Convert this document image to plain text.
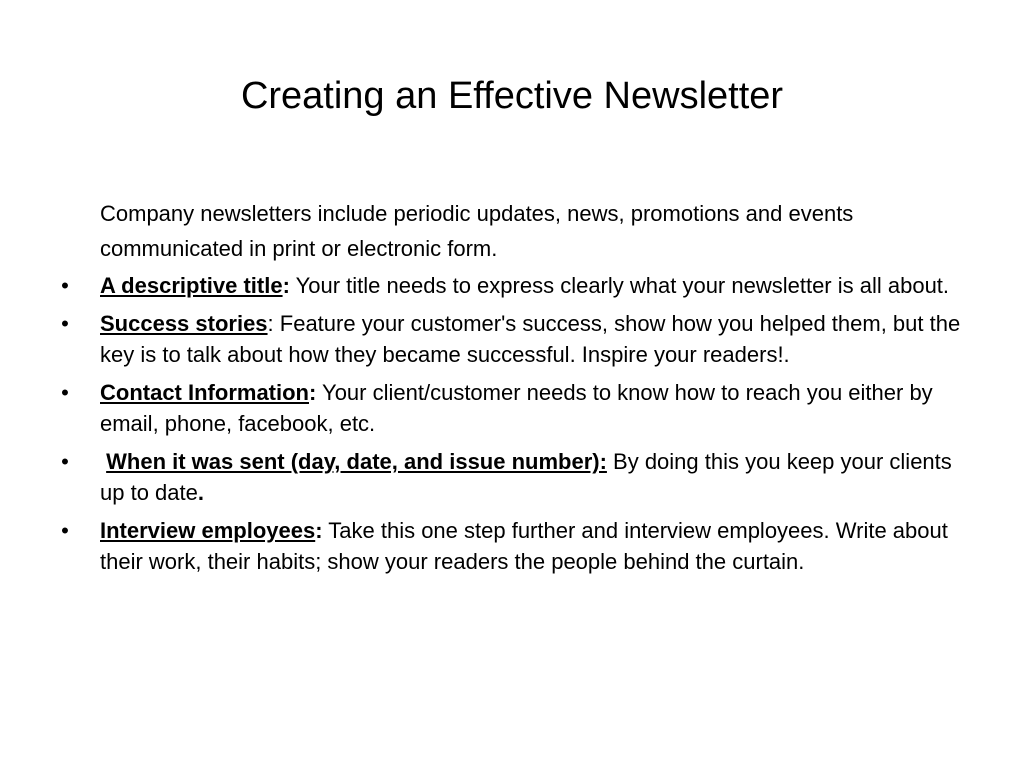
Creating an Effective Newsletter

Company newsletters include periodic updates, news, promotions and events communicated in print or electronic form.

• A descriptive title: Your title needs to express clearly what your newsletter is all about.
• Success stories: Feature your customer's success, show how you helped them, but the key is to talk about how they became successful. Inspire your readers!.
• Contact Information: Your client/customer needs to know how to reach you either by email, phone, facebook, etc.
• When it was sent (day, date, and issue number): By doing this you keep your clients up to date.
• Interview employees: Take this one step further and interview employees. Write about their work, their habits; show your readers the people behind the curtain.
